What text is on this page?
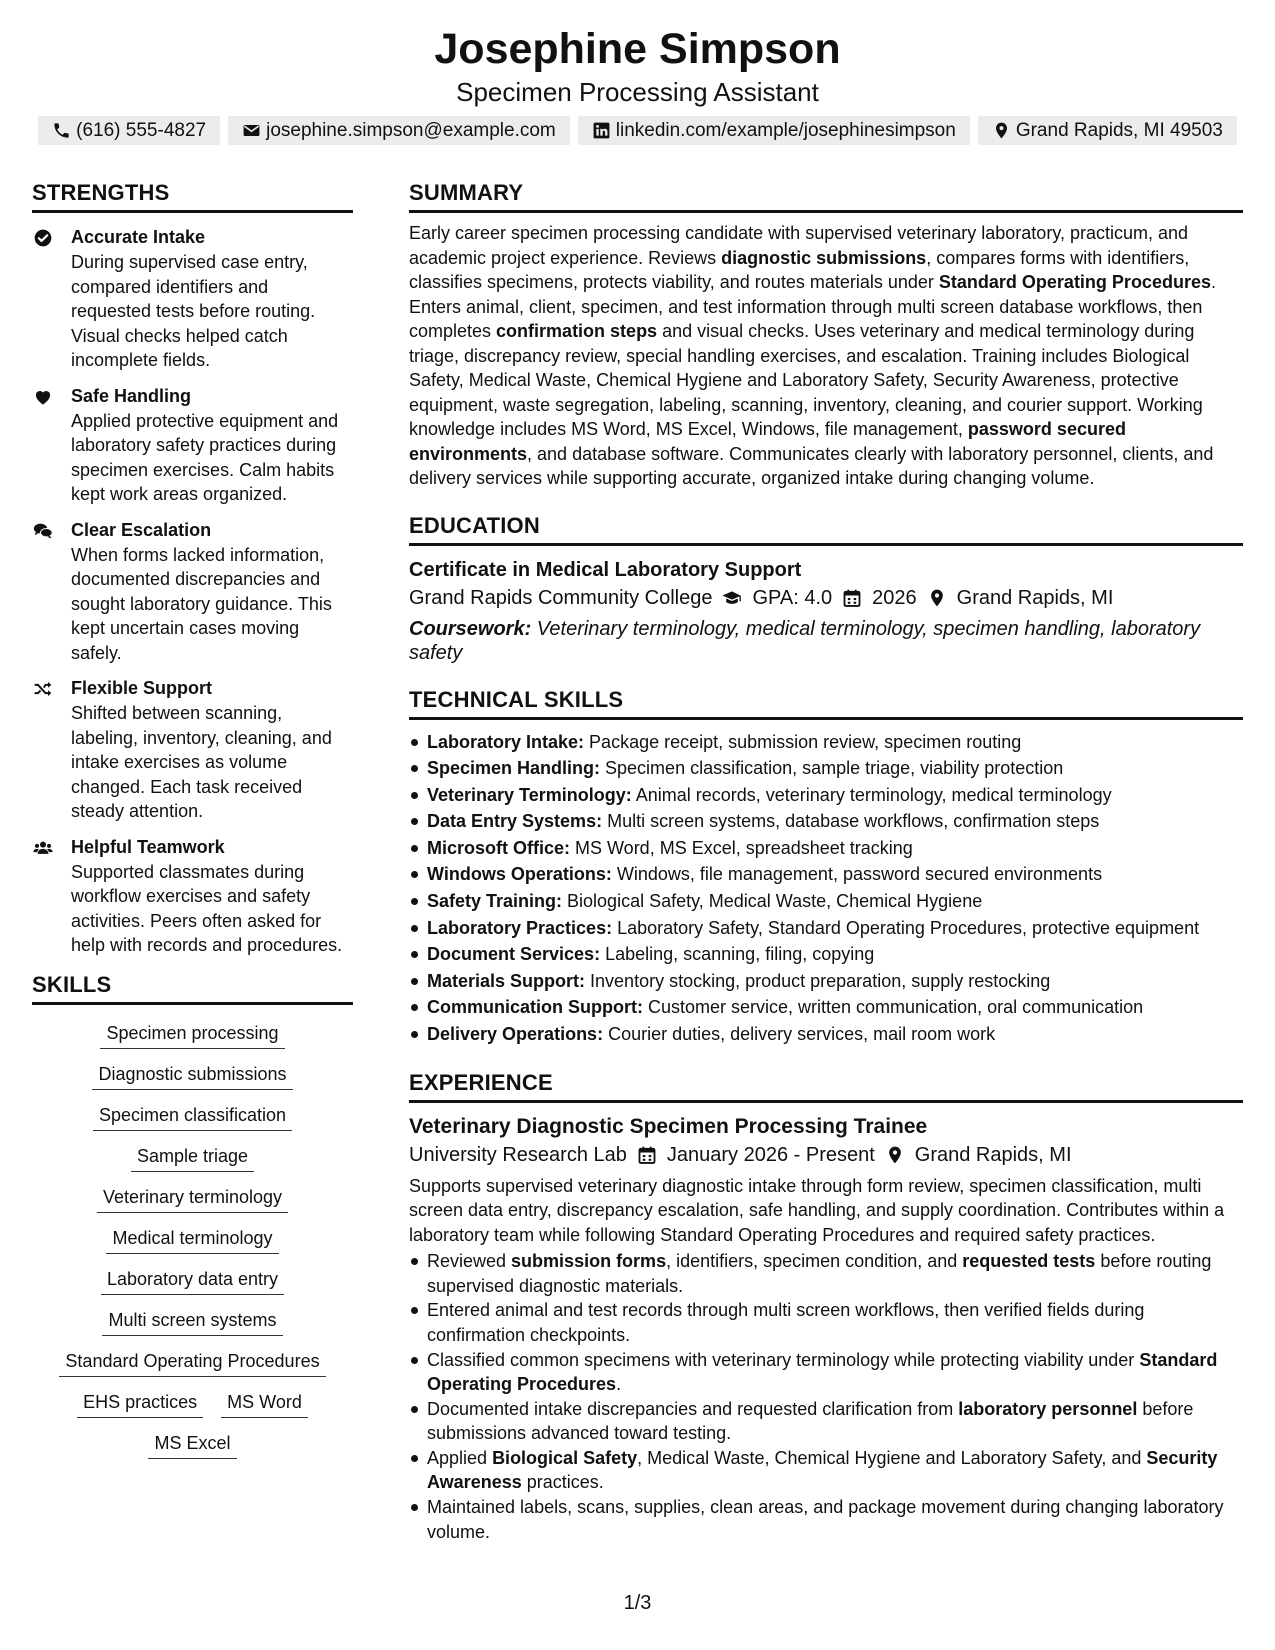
Josephine Simpson
Specimen Processing Assistant
(616) 555-4827	josephine.simpson@example.com	linkedin.com/example/josephinesimpson	Grand Rapids, MI 49503
STRENGTHS
Accurate Intake
During supervised case entry, compared identifiers and requested tests before routing. Visual checks helped catch incomplete fields.
Safe Handling
Applied protective equipment and laboratory safety practices during specimen exercises. Calm habits kept work areas organized.
Clear Escalation
When forms lacked information, documented discrepancies and sought laboratory guidance. This kept uncertain cases moving safely.
Flexible Support
Shifted between scanning, labeling, inventory, cleaning, and intake exercises as volume changed. Each task received steady attention.
Helpful Teamwork
Supported classmates during workflow exercises and safety activities. Peers often asked for help with records and procedures.
SKILLS
Specimen processing
Diagnostic submissions
Specimen classification
Sample triage
Veterinary terminology
Medical terminology
Laboratory data entry
Multi screen systems
Standard Operating Procedures
EHS practices	MS Word
MS Excel
SUMMARY

Early career specimen processing candidate with supervised veterinary laboratory, practicum, and academic project experience. Reviews diagnostic submissions, compares forms with identifiers, classifies specimens, protects viability, and routes materials under Standard Operating Procedures. Enters animal, client, specimen, and test information through multi screen database workflows, then completes confirmation steps and visual checks. Uses veterinary and medical terminology during triage, discrepancy review, special handling exercises, and escalation. Training includes Biological Safety, Medical Waste, Chemical Hygiene and Laboratory Safety, Security Awareness, protective equipment, waste segregation, labeling, scanning, inventory, cleaning, and courier support. Working knowledge includes MS Word, MS Excel, Windows, file management, password secured environments, and database software. Communicates clearly with laboratory personnel, clients, and delivery services while supporting accurate, organized intake during changing volume.

EDUCATION
Certificate in Medical Laboratory Support
Grand Rapids Community College GPA: 4.0 2026 Grand Rapids, MI
Coursework: Veterinary terminology, medical terminology, specimen handling, laboratory safety
TECHNICAL SKILLS
Laboratory Intake: Package receipt, submission review, specimen routing
Specimen Handling: Specimen classification, sample triage, viability protection
Veterinary Terminology: Animal records, veterinary terminology, medical terminology
Data Entry Systems: Multi screen systems, database workflows, confirmation steps
Microsoft Office: MS Word, MS Excel, spreadsheet tracking
Windows Operations: Windows, file management, password secured environments
Safety Training: Biological Safety, Medical Waste, Chemical Hygiene
Laboratory Practices: Laboratory Safety, Standard Operating Procedures, protective equipment
Document Services: Labeling, scanning, filing, copying
Materials Support: Inventory stocking, product preparation, supply restocking
Communication Support: Customer service, written communication, oral communication
Delivery Operations: Courier duties, delivery services, mail room work
EXPERIENCE
Veterinary Diagnostic Specimen Processing Trainee
University Research Lab January 2026 - Present Grand Rapids, MI

Supports supervised veterinary diagnostic intake through form review, specimen classification, multi screen data entry, discrepancy escalation, safe handling, and supply coordination. Contributes within a laboratory team while following Standard Operating Procedures and required safety practices.

Reviewed submission forms, identifiers, specimen condition, and requested tests before routing supervised diagnostic materials.
Entered animal and test records through multi screen workflows, then verified fields during confirmation checkpoints.
Classified common specimens with veterinary terminology while protecting viability under Standard Operating Procedures.
Documented intake discrepancies and requested clarification from laboratory personnel before submissions advanced toward testing.
Applied Biological Safety, Medical Waste, Chemical Hygiene and Laboratory Safety, and Security Awareness practices.
Maintained labels, scans, supplies, clean areas, and package movement during changing laboratory volume.
1/3
